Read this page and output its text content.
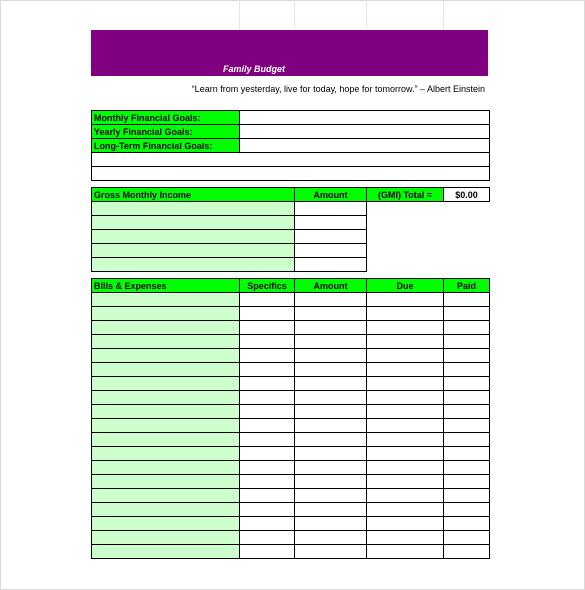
Family Budget
“Learn from yesterday, live for today, hope for tomorrow.” – Albert Einstein
Monthly Financial Goals:	
Yearly Financial Goals:	
Long-Term Financial Goals:	

Gross Monthly Income	Amount	(GMI) Total =	$0.00

Bills & Expenses	Specifics	Amount	Due	Paid
